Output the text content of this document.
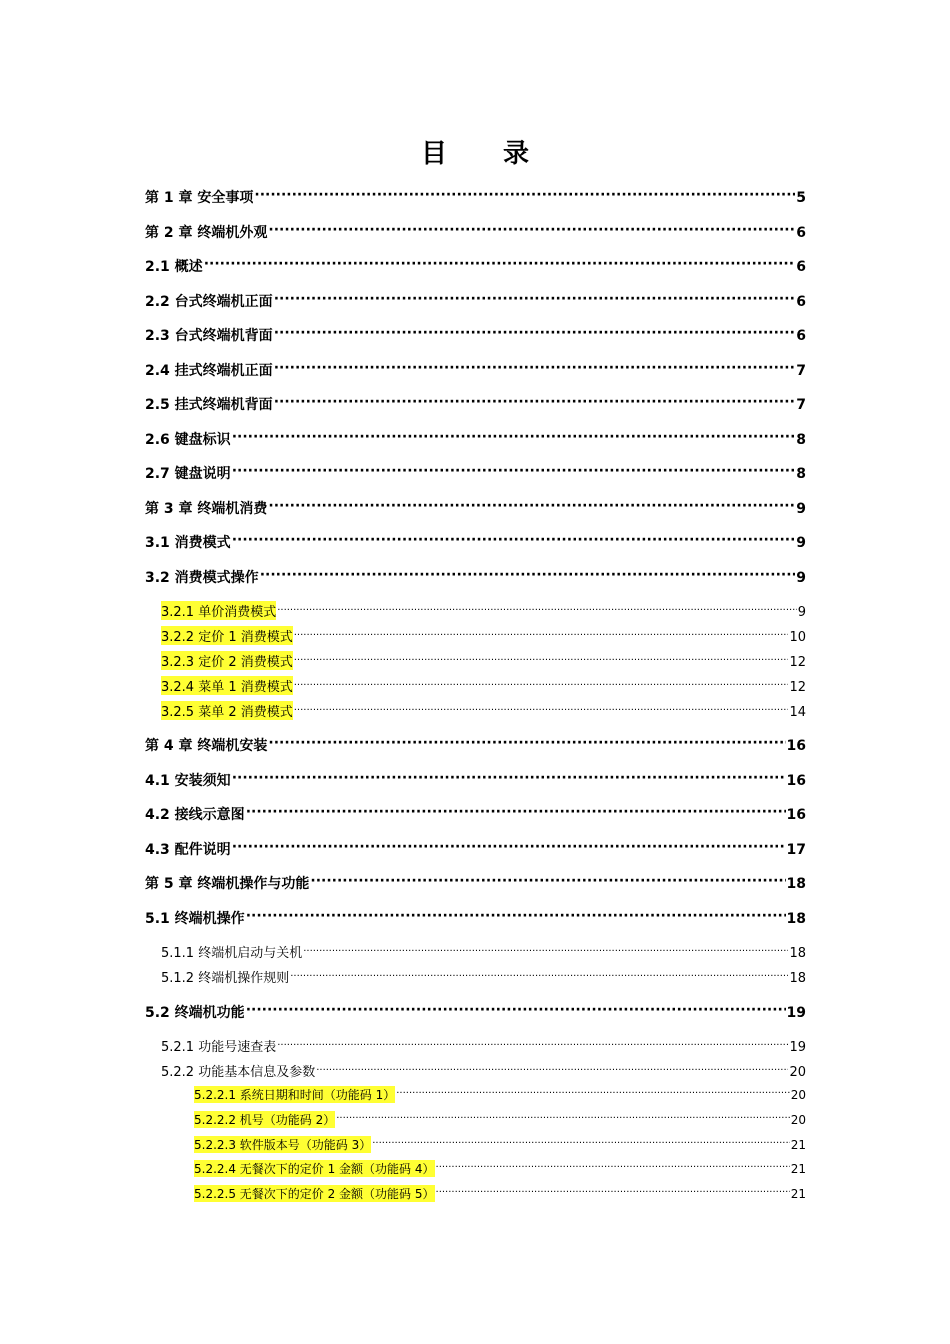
目 录
第 1 章 安全事项 ·····	5
第 2 章 终端机外观 ·····	6
2.1 概述 ·····	6
2.2 台式终端机正面 ·····	6
2.3 台式终端机背面 ·····	6
2.4 挂式终端机正面 ·····	7
2.5 挂式终端机背面 ·····	7
2.6 键盘标识 ·····	8
2.7 键盘说明 ·····	8
第 3 章 终端机消费 ·····	9
3.1 消费模式 ·····	9
3.2 消费模式操作 ·····	9
3.2.1 单价消费模式 ·····	9
3.2.2 定价 1 消费模式 ·····	10
3.2.3 定价 2 消费模式 ·····	12
3.2.4 菜单 1 消费模式 ·····	12
3.2.5 菜单 2 消费模式 ·····	14
第 4 章 终端机安装 ·····	16
4.1 安装须知 ·····	16
4.2 接线示意图 ·····	16
4.3 配件说明 ·····	17
第 5 章 终端机操作与功能 ·····	18
5.1 终端机操作 ·····	18
5.1.1 终端机启动与关机 ·····	18
5.1.2 终端机操作规则 ·····	18
5.2 终端机功能 ·····	19
5.2.1 功能号速查表 ·····	19
5.2.2 功能基本信息及参数 ·····	20
5.2.2.1 系统日期和时间（功能码 1） ·····	20
5.2.2.2 机号（功能码 2） ·····	20
5.2.2.3 软件版本号（功能码 3） ·····	21
5.2.2.4 无餐次下的定价 1 金额（功能码 4） ·····	21
5.2.2.5 无餐次下的定价 2 金额（功能码 5） ·····	21
